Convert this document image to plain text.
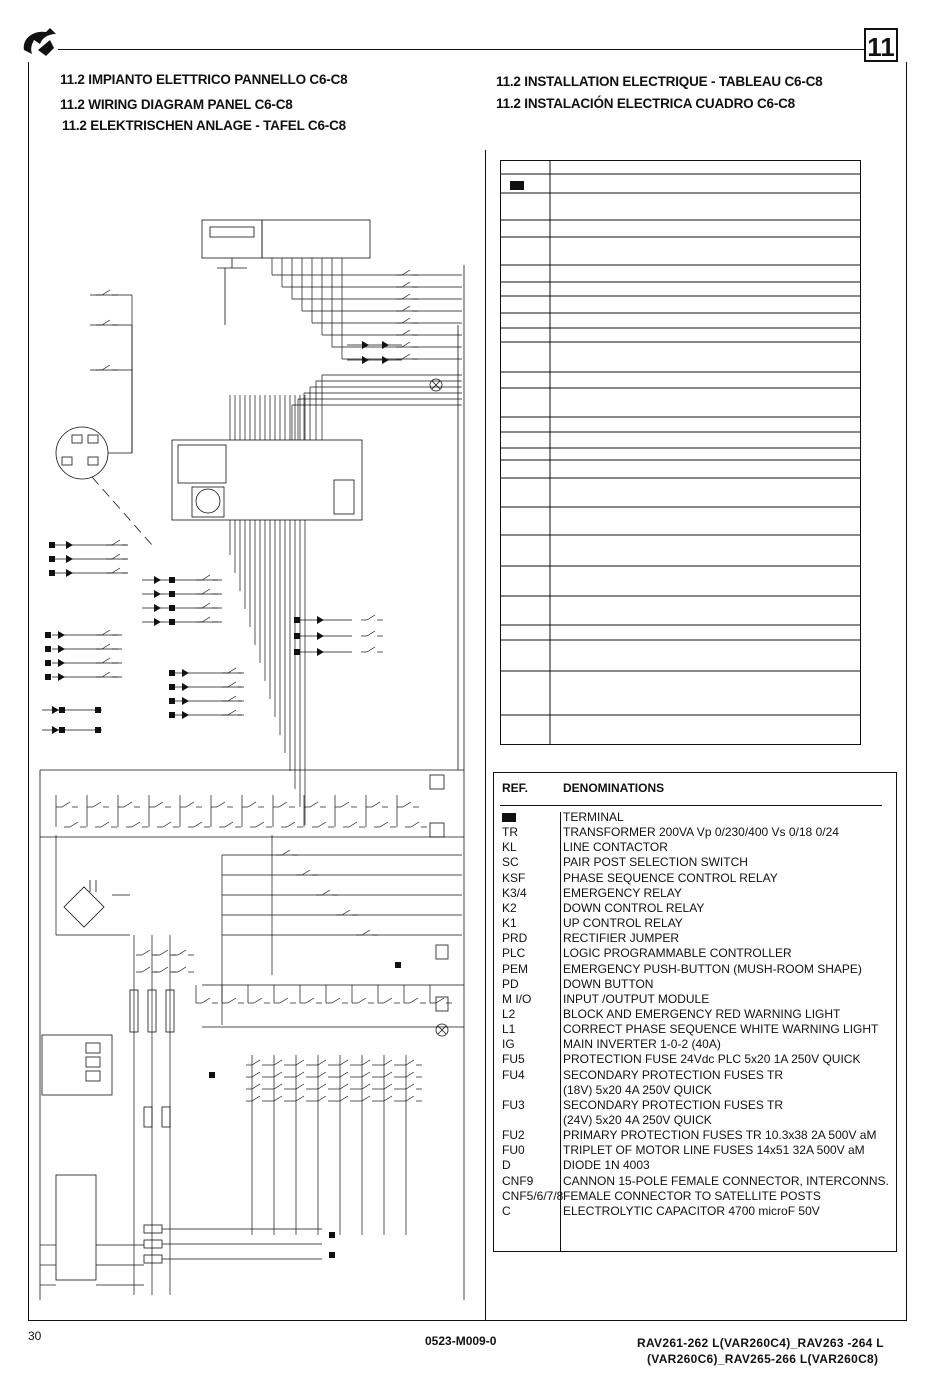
11
11.2 IMPIANTO ELETTRICO PANNELLO C6-C8
11.2 WIRING DIAGRAM PANEL C6-C8
11.2 ELEKTRISCHEN ANLAGE - TAFEL C6-C8
11.2 INSTALLATION ELECTRIQUE - TABLEAU C6-C8
11.2 INSTALACIÓN ELECTRICA CUADRO C6-C8
REF.	DENOMINATIONS
TERMINAL
TR	TRANSFORMER 200VA Vp 0/230/400 Vs 0/18 0/24
KL	LINE CONTACTOR
SC	PAIR POST SELECTION SWITCH
KSF	PHASE SEQUENCE CONTROL RELAY
K3/4	EMERGENCY RELAY
K2	DOWN CONTROL RELAY
K1	UP CONTROL RELAY
PRD	RECTIFIER JUMPER
PLC	LOGIC PROGRAMMABLE CONTROLLER
PEM	EMERGENCY PUSH-BUTTON (MUSH-ROOM SHAPE)
PD	DOWN BUTTON
M I/O	INPUT /OUTPUT MODULE
L2	BLOCK AND EMERGENCY RED WARNING LIGHT
L1	CORRECT PHASE SEQUENCE WHITE WARNING LIGHT
IG	MAIN INVERTER 1-0-2 (40A)
FU5	PROTECTION FUSE 24Vdc PLC 5x20 1A 250V QUICK
FU4	SECONDARY PROTECTION FUSES TR
(18V) 5x20 4A 250V QUICK
FU3	SECONDARY PROTECTION FUSES TR
(24V) 5x20 4A 250V QUICK
FU2	PRIMARY PROTECTION FUSES TR 10.3x38 2A 500V aM
FU0	TRIPLET OF MOTOR LINE FUSES 14x51 32A 500V aM
D	DIODE 1N 4003
CNF9 CANNON 15-POLE FEMALE CONNECTOR, INTERCONNS.
CNF5/6/7/8 FEMALE CONNECTOR TO SATELLITE POSTS
C	ELECTROLYTIC CAPACITOR 4700 microF 50V
30	0523-M009-0	RAV261-262 L(VAR260C4)_RAV263 -264 L
(VAR260C6)_RAV265-266 L(VAR260C8)
